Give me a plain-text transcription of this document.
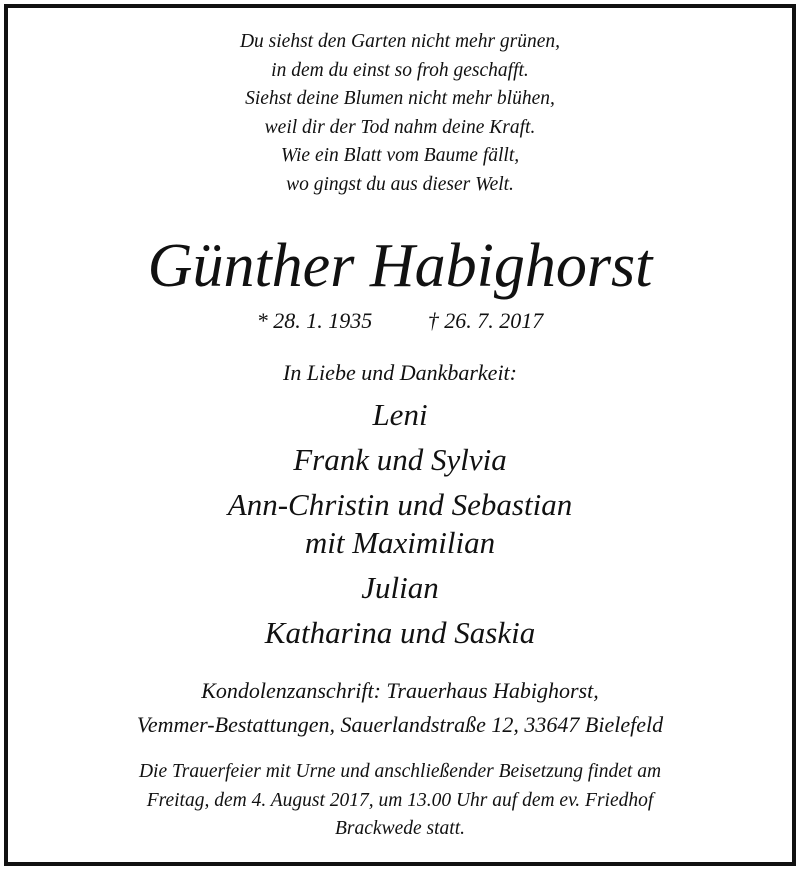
Du siehst den Garten nicht mehr grünen,
in dem du einst so froh geschafft.
Siehst deine Blumen nicht mehr blühen,
weil dir der Tod nahm deine Kraft.
Wie ein Blatt vom Baume fällt,
wo gingst du aus dieser Welt.
Günther Habighorst
* 28. 1. 1935	† 26. 7. 2017
In Liebe und Dankbarkeit:
Leni
Frank und Sylvia
Ann-Christin und Sebastian
mit Maximilian
Julian
Katharina und Saskia
Kondolenzanschrift: Trauerhaus Habighorst,
Vemmer-Bestattungen, Sauerlandstraße 12, 33647 Bielefeld
Die Trauerfeier mit Urne und anschließender Beisetzung findet am
Freitag, dem 4. August 2017, um 13.00 Uhr auf dem ev. Friedhof
Brackwede statt.
